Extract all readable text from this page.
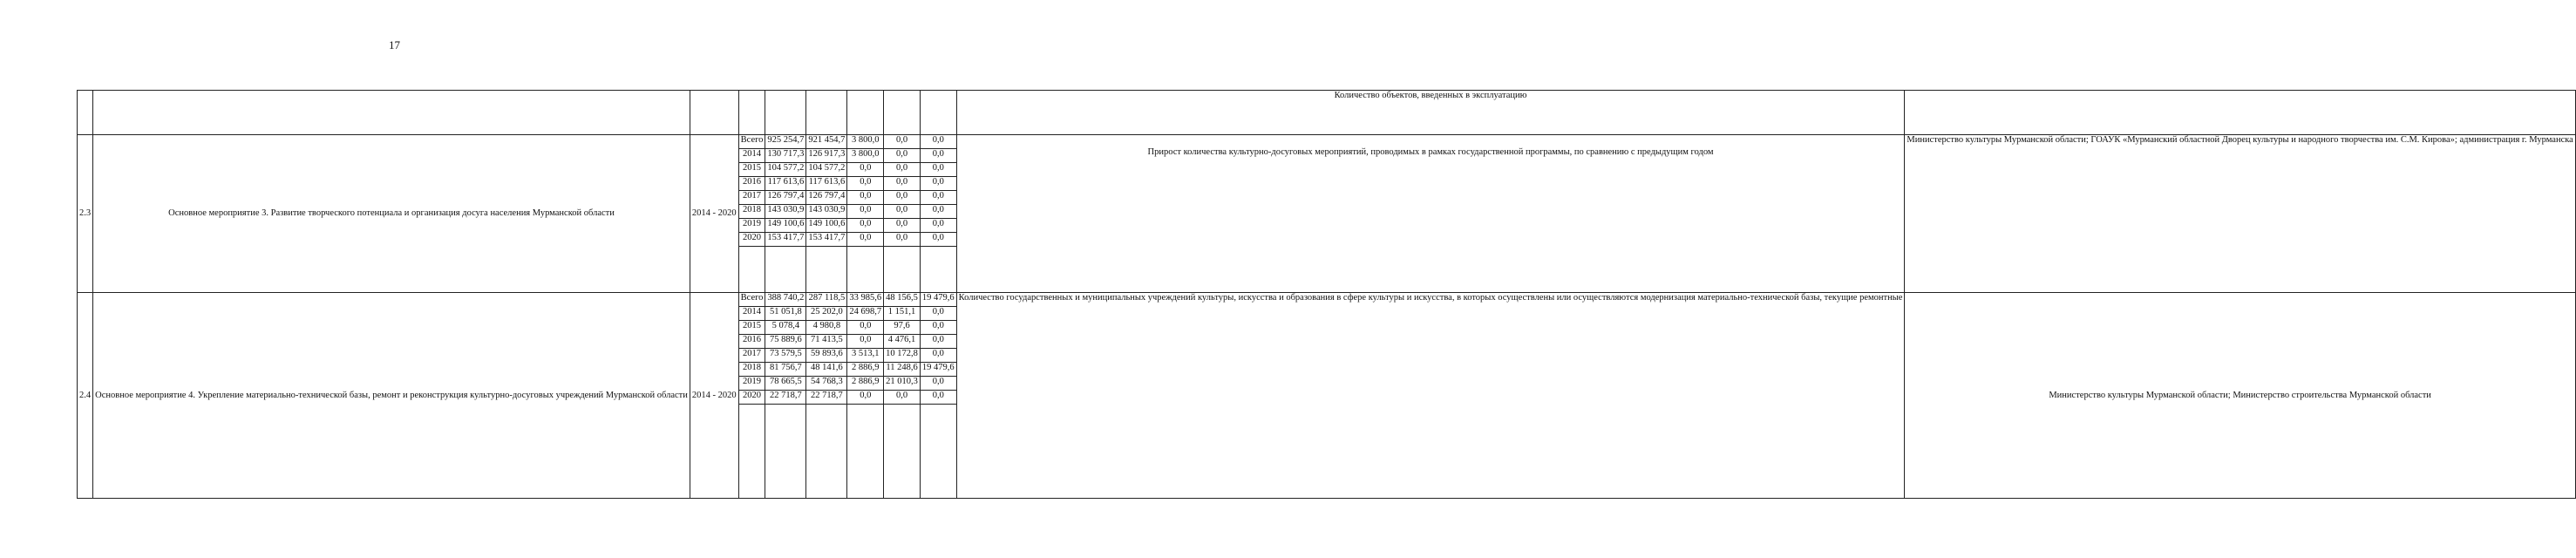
17
									Количество объектов, введенных в эксплуатацию	
2.3	Основное мероприятие 3. Развитие творческого потенциала и организация досуга населения Мурманской области	2014 - 2020	Всего	925 254,7	921 454,7	3 800,0	0,0	0,0	Прирост количества культурно-досуговых мероприятий, проводимых в рамках государственной программы, по сравнению с предыдущим годом	Министерство культуры Мурманской области; ГОАУК «Мурманский областной Дворец культуры и народного творчества им. С.М. Кирова»; администрация г. Мурманска
			2014	130 717,3	126 917,3	3 800,0	0,0	0,0		
			2015	104 577,2	104 577,2	0,0	0,0	0,0		
			2016	117 613,6	117 613,6	0,0	0,0	0,0		
			2017	126 797,4	126 797,4	0,0	0,0	0,0		
			2018	143 030,9	143 030,9	0,0	0,0	0,0		
			2019	149 100,6	149 100,6	0,0	0,0	0,0		
			2020	153 417,7	153 417,7	0,0	0,0	0,0		

2.4	Основное мероприятие 4. Укрепление материально-технической базы, ремонт и реконструкция культурно-досуговых учреждений Мурманской области	2014 - 2020	Всего	388 740,2	287 118,5	33 985,6	48 156,5	19 479,6	Количество государственных и муниципальных учреждений культуры, искусства и образования в сфере культуры и искусства, в которых осуществлены или осуществляются модернизация материально-технической базы, текущие ремонтные	Министерство культуры Мурманской области; Министерство строительства Мурманской области
			2014	51 051,8	25 202,0	24 698,7	1 151,1	0,0		
			2015	5 078,4	4 980,8	0,0	97,6	0,0		
			2016	75 889,6	71 413,5	0,0	4 476,1	0,0		
			2017	73 579,5	59 893,6	3 513,1	10 172,8	0,0		
			2018	81 756,7	48 141,6	2 886,9	11 248,6	19 479,6		
			2019	78 665,5	54 768,3	2 886,9	21 010,3	0,0		
			2020	22 718,7	22 718,7	0,0	0,0	0,0		
